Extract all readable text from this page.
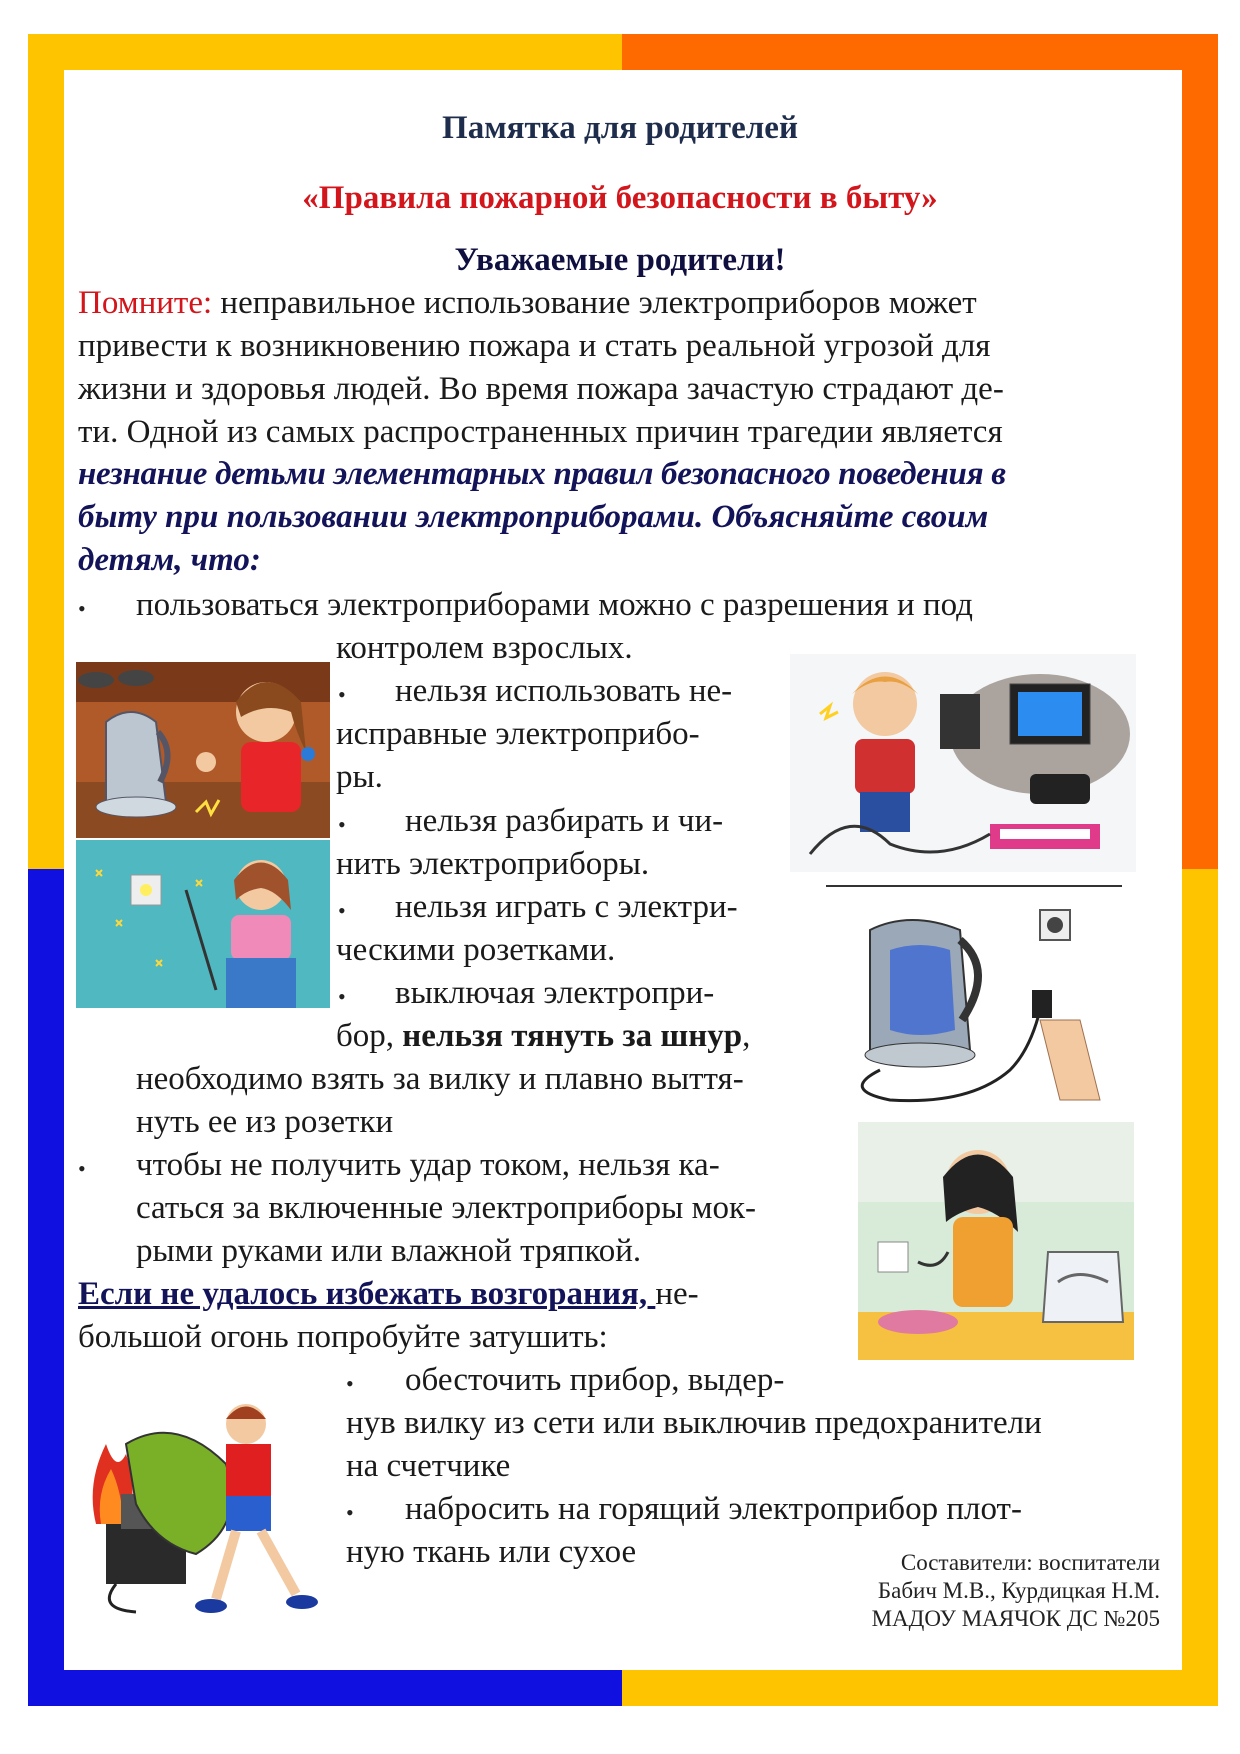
Памятка для родителей
«Правила пожарной безопасности в быту»
Уважаемые родители!
Помните: неправильное использование электроприборов может
привести к возникновению пожара и стать реальной угрозой для
жизни и здоровья людей. Во время пожара зачастую страдают де-
ти. Одной из самых распространенных причин трагедии является
незнание детьми элементарных правил безопасного поведения в
быту при пользовании электроприборами. Объясняйте своим
детям, что:
• пользоваться электроприборами можно с разрешения и под
контролем взрослых.
• нельзя использовать не-
исправные электроприбо-
ры.
• нельзя разбирать и чи-
нить электроприборы.
• нельзя играть с электри-
ческими розетками.
• выключая электропри-
бор, нельзя тянуть за шнур,
необходимо взять за вилку и плавно выття-
нуть ее из розетки
• чтобы не получить удар током, нельзя ка-
саться за включенные электроприборы мок-
рыми руками или влажной тряпкой.
Если не удалось избежать возгорания, не-
большой огонь попробуйте затушить:
• обесточить прибор, выдер-
нув вилку из сети или выключив предохранители
на счетчике
• набросить на горящий электроприбор плот-
ную ткань или сухое	Составители: воспитатели
Бабич М.В., Курдицкая Н.М.
МАДОУ МАЯЧОК ДС №205
